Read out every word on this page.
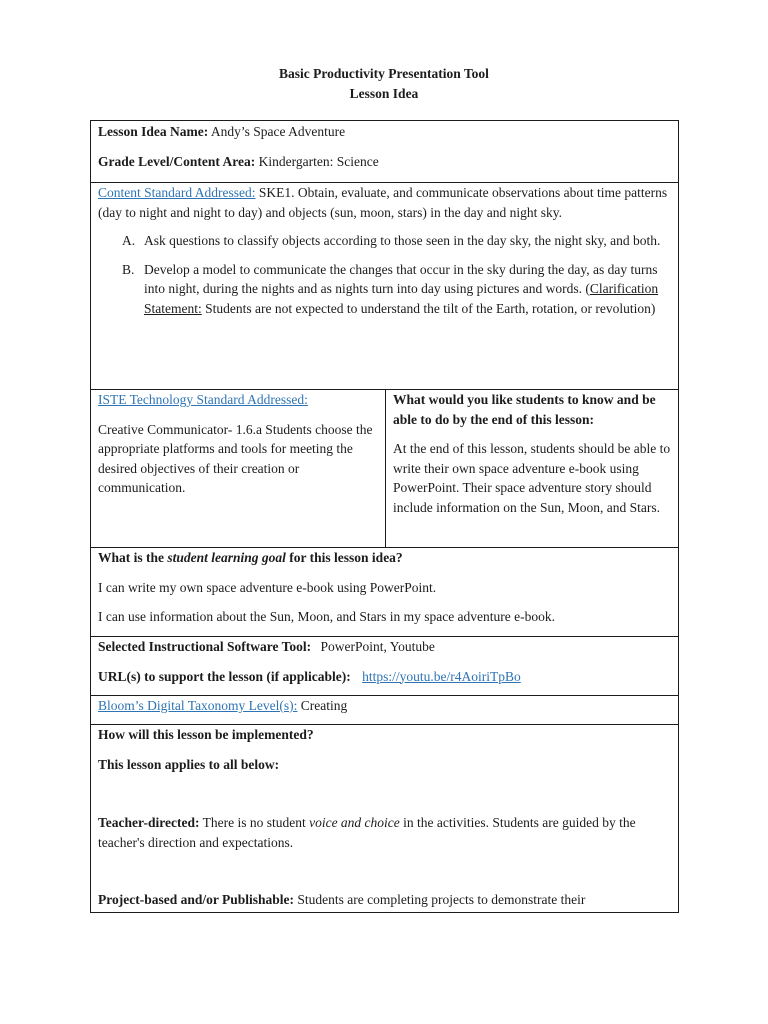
Basic Productivity Presentation Tool
Lesson Idea
Lesson Idea Name: Andy’s Space Adventure
Grade Level/Content Area: Kindergarten: Science
Content Standard Addressed: SKE1. Obtain, evaluate, and communicate observations about time patterns (day to night and night to day) and objects (sun, moon, stars) in the day and night sky.
A. Ask questions to classify objects according to those seen in the day sky, the night sky, and both.
B. Develop a model to communicate the changes that occur in the sky during the day, as day turns into night, during the nights and as nights turn into day using pictures and words. (Clarification Statement: Students are not expected to understand the tilt of the Earth, rotation, or revolution)
ISTE Technology Standard Addressed:
Creative Communicator- 1.6.a Students choose the appropriate platforms and tools for meeting the desired objectives of their creation or communication.
What would you like students to know and be able to do by the end of this lesson:
At the end of this lesson, students should be able to write their own space adventure e-book using PowerPoint. Their space adventure story should include information on the Sun, Moon, and Stars.
What is the student learning goal for this lesson idea?
I can write my own space adventure e-book using PowerPoint.
I can use information about the Sun, Moon, and Stars in my space adventure e-book.
Selected Instructional Software Tool: PowerPoint, Youtube
URL(s) to support the lesson (if applicable): https://youtu.be/r4AoiriTpBo
Bloom’s Digital Taxonomy Level(s): Creating
How will this lesson be implemented?
This lesson applies to all below:
Teacher-directed: There is no student voice and choice in the activities. Students are guided by the teacher's direction and expectations.
Project-based and/or Publishable: Students are completing projects to demonstrate their
